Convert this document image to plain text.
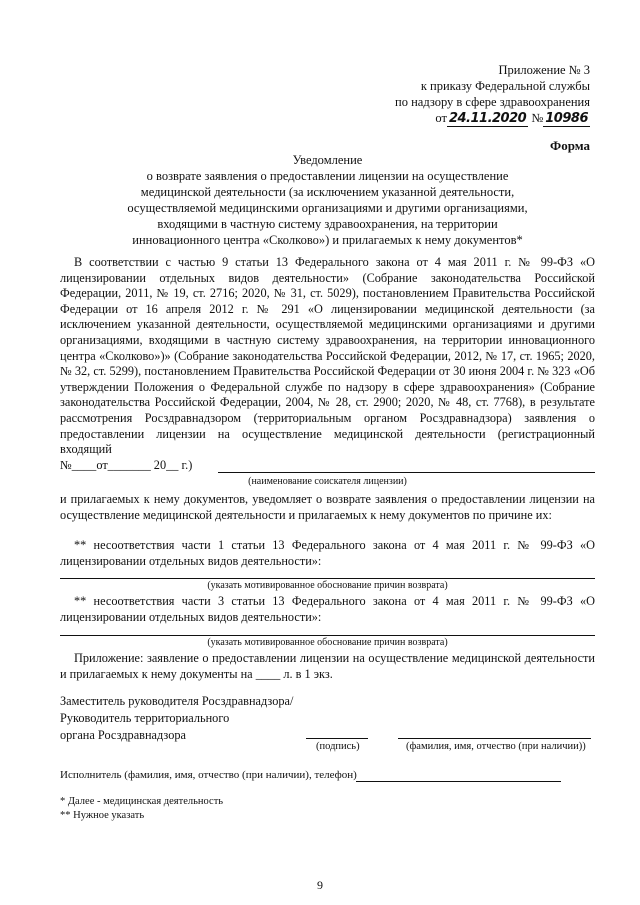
Приложение № 3
к приказу Федеральной службы
по надзору в сфере здравоохранения
от 24.11.2020 № 10986
Форма
Уведомление
о возврате заявления о предоставлении лицензии на осуществление
медицинской деятельности (за исключением указанной деятельности,
осуществляемой медицинскими организациями и другими организациями,
входящими в частную систему здравоохранения, на территории
инновационного центра «Сколково») и прилагаемых к нему документов*
В соответствии с частью 9 статьи 13 Федерального закона от 4 мая 2011 г. № 99-ФЗ «О лицензировании отдельных видов деятельности» (Собрание законодательства Российской Федерации, 2011, № 19, ст. 2716; 2020, № 31, ст. 5029), постановлением Правительства Российской Федерации от 16 апреля 2012 г. № 291 «О лицензировании медицинской деятельности (за исключением указанной деятельности, осуществляемой медицинскими организациями и другими организациями, входящими в частную систему здравоохранения, на территории инновационного центра «Сколково»)» (Собрание законодательства Российской Федерации, 2012, № 17, ст. 1965; 2020, № 32, ст. 5299), постановлением Правительства Российской Федерации от 30 июня 2004 г. № 323 «Об утверждении Положения о Федеральной службе по надзору в сфере здравоохранения» (Собрание законодательства Российской Федерации, 2004, № 28, ст. 2900; 2020, № 48, ст. 7768), в результате рассмотрения Росздравнадзором (территориальным органом Росздравнадзора) заявления о предоставлении лицензии на осуществление медицинской деятельности (регистрационный входящий
№____от_______ 20__ г.)
(наименование соискателя лицензии)
и прилагаемых к нему документов, уведомляет о возврате заявления о предоставлении лицензии на осуществление медицинской деятельности и прилагаемых к нему документов по причине их:
** несоответствия части 1 статьи 13 Федерального закона от 4 мая 2011 г. № 99-ФЗ «О лицензировании отдельных видов деятельности»:
(указать мотивированное обоснование причин возврата)
** несоответствия части 3 статьи 13 Федерального закона от 4 мая 2011 г. № 99-ФЗ «О лицензировании отдельных видов деятельности»:
(указать мотивированное обоснование причин возврата)
Приложение: заявление о предоставлении лицензии на осуществление медицинской деятельности и прилагаемых к нему документы на ____ л. в 1 экз.
Заместитель руководителя Росздравнадзора/
Руководитель территориального
органа Росздравнадзора
(подпись)	(фамилия, имя, отчество (при наличии))
Исполнитель (фамилия, имя, отчество (при наличии), телефон)
* Далее - медицинская деятельность
** Нужное указать
9
